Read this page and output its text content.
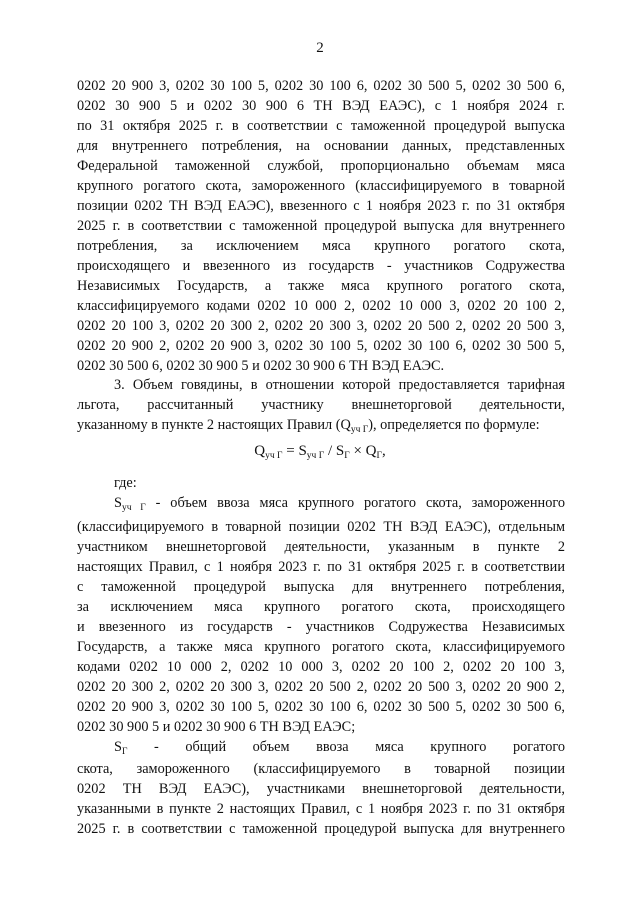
2
0202 20 900 3, 0202 30 100 5, 0202 30 100 6, 0202 30 500 5, 0202 30 500 6,
0202 30 900 5 и 0202 30 900 6 ТН ВЭД ЕАЭС), с 1 ноября 2024 г.
по 31 октября 2025 г. в соответствии с таможенной процедурой выпуска
для внутреннего потребления, на основании данных, представленных
Федеральной таможенной службой, пропорционально объемам мяса
крупного рогатого скота, замороженного (классифицируемого в товарной
позиции 0202 ТН ВЭД ЕАЭС), ввезенного с 1 ноября 2023 г. по 31 октября
2025 г. в соответствии с таможенной процедурой выпуска для внутреннего
потребления, за исключением мяса крупного рогатого скота,
происходящего и ввезенного из государств - участников Содружества
Независимых Государств, а также мяса крупного рогатого скота,
классифицируемого кодами 0202 10 000 2, 0202 10 000 3, 0202 20 100 2,
0202 20 100 3, 0202 20 300 2, 0202 20 300 3, 0202 20 500 2, 0202 20 500 3,
0202 20 900 2, 0202 20 900 3, 0202 30 100 5, 0202 30 100 6, 0202 30 500 5,
0202 30 500 6, 0202 30 900 5 и 0202 30 900 6 ТН ВЭД ЕАЭС.
3. Объем говядины, в отношении которой предоставляется тарифная
льгота, рассчитанный участнику внешнеторговой деятельности,
указанному в пункте 2 настоящих Правил $(Q_{уч Г})$, определяется по формуле:
$Q_{уч Г} = S_{уч Г} / S_Г \times Q_Г$,
где:
$S_{уч Г}$ - объем ввоза мяса крупного рогатого скота, замороженного
(классифицируемого в товарной позиции 0202 ТН ВЭД ЕАЭС), отдельным
участником внешнеторговой деятельности, указанным в пункте 2
настоящих Правил, с 1 ноября 2023 г. по 31 октября 2025 г. в соответствии
с таможенной процедурой выпуска для внутреннего потребления,
за исключением мяса крупного рогатого скота, происходящего
и ввезенного из государств - участников Содружества Независимых
Государств, а также мяса крупного рогатого скота, классифицируемого
кодами 0202 10 000 2, 0202 10 000 3, 0202 20 100 2, 0202 20 100 3,
0202 20 300 2, 0202 20 300 3, 0202 20 500 2, 0202 20 500 3, 0202 20 900 2,
0202 20 900 3, 0202 30 100 5, 0202 30 100 6, 0202 30 500 5, 0202 30 500 6,
0202 30 900 5 и 0202 30 900 6 ТН ВЭД ЕАЭС;
$S_Г$ - общий объем ввоза мяса крупного рогатого
скота, замороженного (классифицируемого в товарной позиции
0202 ТН ВЭД ЕАЭС), участниками внешнеторговой деятельности,
указанными в пункте 2 настоящих Правил, с 1 ноября 2023 г. по 31 октября
2025 г. в соответствии с таможенной процедурой выпуска для внутреннего
